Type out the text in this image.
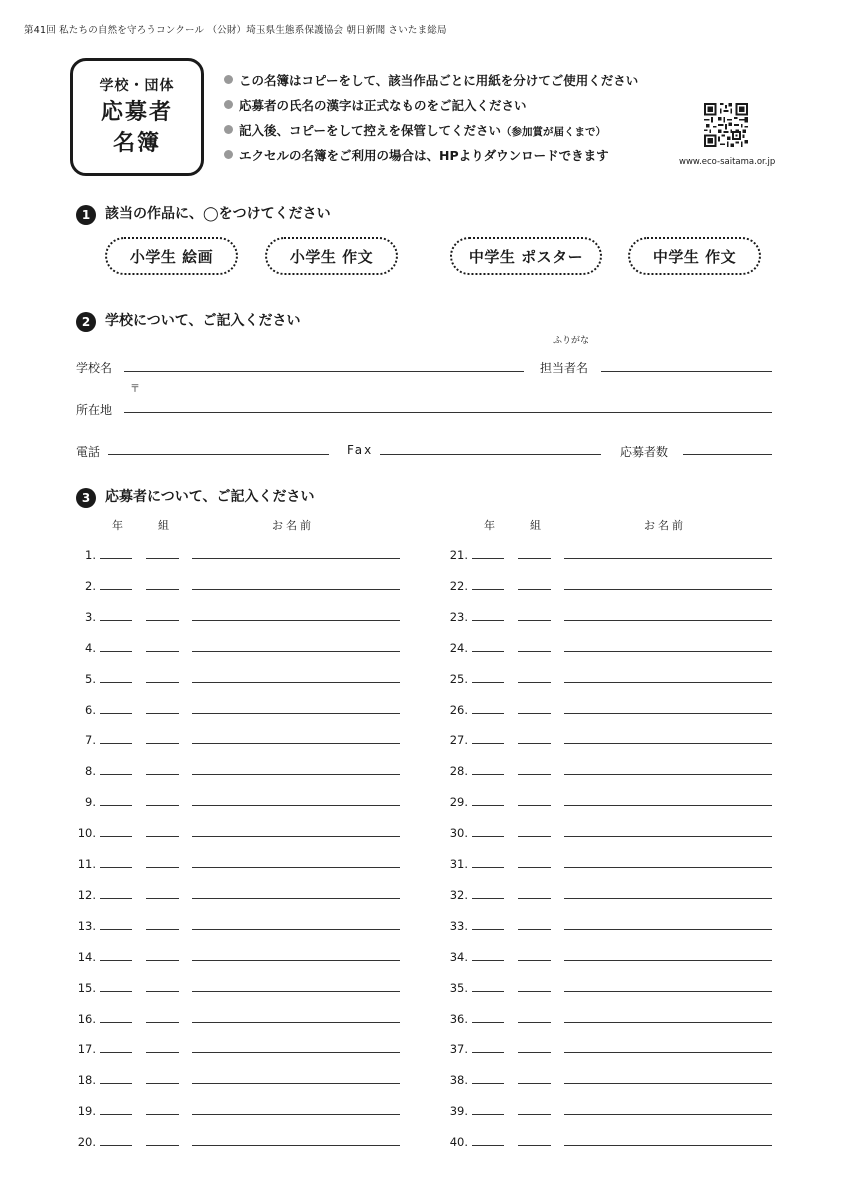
第41回 私たちの自然を守ろうコンクール （公財）埼玉県生態系保護協会 朝日新聞 さいたま総局
学校・団体
応募者
名簿
この名簿はコピーをして、該当作品ごとに用紙を分けてご使用ください
応募者の氏名の漢字は正式なものをご記入ください
記入後、コピーをして控えを保管してください（参加賞が届くまで）
エクセルの名簿をご利用の場合は、HPよりダウンロードできます	www.eco-saitama.or.jp
1 該当の作品に、◯をつけてください
小学生 絵画	小学生 作文	中学生 ポスター	中学生 作文
2 学校について、ご記入ください
ふりがな
学校名	担当者名
〒
所在地
電話	Fax	応募者数
3 応募者について、ご記入ください
年	組	お名前	年	組	お名前
1.
2.
3.
4.
5.
6.
7.
8.
9.
10.
11.
12.
13.
14.
15.
16.
17.
18.
19.
20.
21.
22.
23.
24.
25.
26.
27.
28.
29.
30.
31.
32.
33.
34.
35.
36.
37.
38.
39.
40.
